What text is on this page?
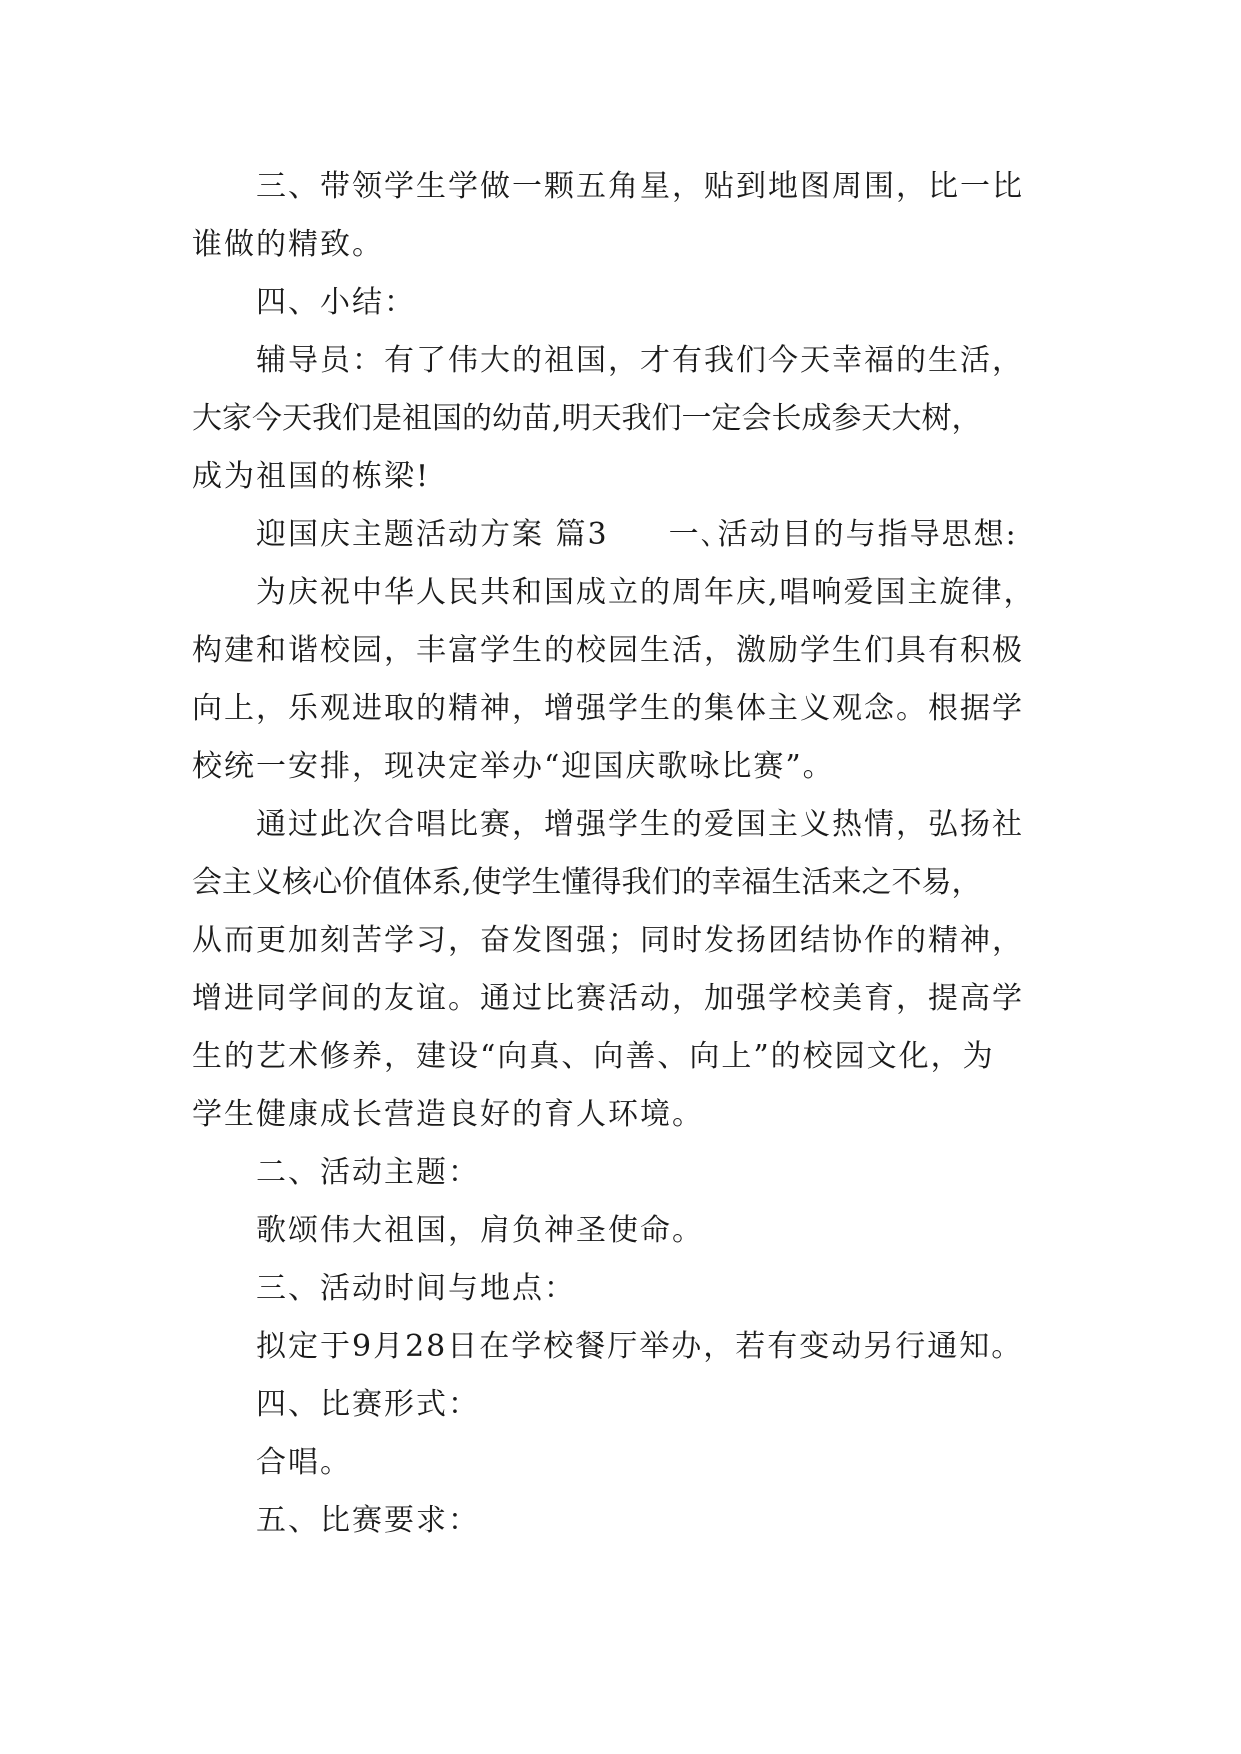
三、带领学生学做一颗五角星，贴到地图周围，比一比
谁做的精致。
四、小结：
辅导员：有了伟大的祖国，才有我们今天幸福的生活，
大家今天我们是祖国的幼苗,明天我们一定会长成参天大树，
成为祖国的栋梁!
迎国庆主题活动方案 篇3 一､活动目的与指导思想:
为庆祝中华人民共和国成立的周年庆,唱响爱国主旋律，
构建和谐校园，丰富学生的校园生活，激励学生们具有积极
向上，乐观进取的精神，增强学生的集体主义观念。根据学
校统一安排，现决定举办“迎国庆歌咏比赛”。
通过此次合唱比赛，增强学生的爱国主义热情，弘扬社
会主义核心价值体系,使学生懂得我们的幸福生活来之不易，
从而更加刻苦学习，奋发图强；同时发扬团结协作的精神，
增进同学间的友谊。通过比赛活动，加强学校美育，提高学
生的艺术修养，建设“向真、向善、向上”的校园文化，为
学生健康成长营造良好的育人环境。
二、活动主题：
歌颂伟大祖国，肩负神圣使命。
三、活动时间与地点：
拟定于9月28日在学校餐厅举办，若有变动另行通知。
四、比赛形式：
合唱。
五、比赛要求：
